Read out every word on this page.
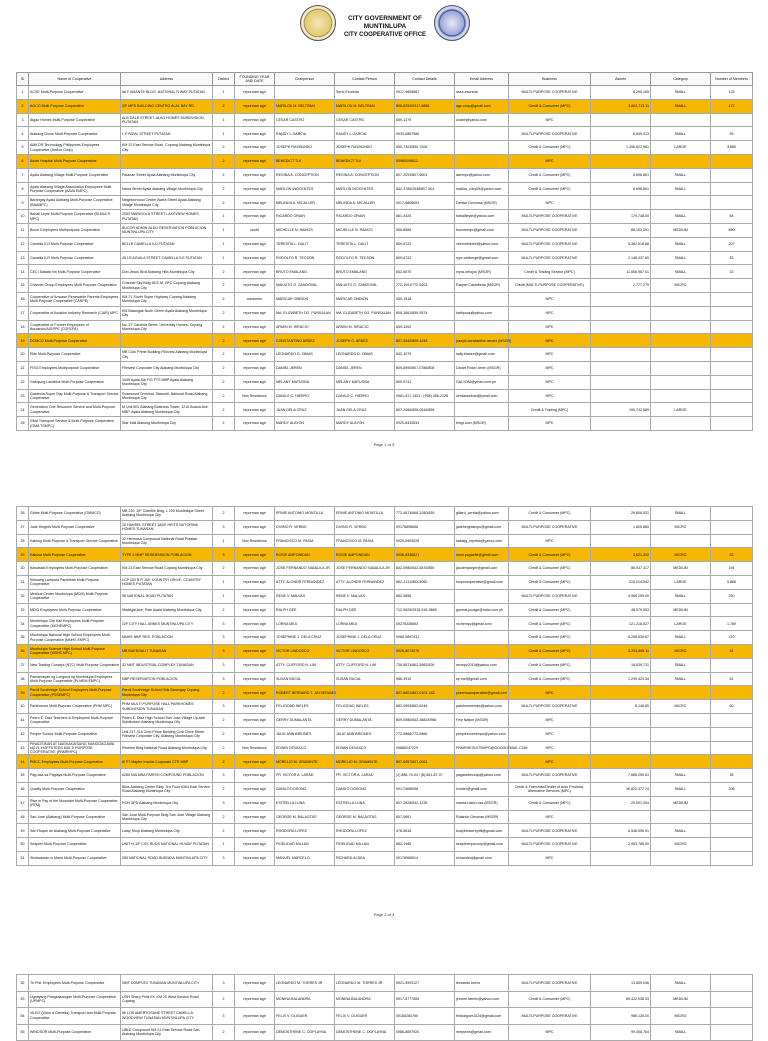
CITY GOVERNMENT OF MUNTINLUPA
CITY COOPERATIVE OFFICE
ID	Name of Cooperative	Address	District	FOUNDING YEAR AND DATE	Chairperson	Contact Person	Contact Details	Email Address	Business	Assets	Category	Number of Members
1	ACSE Multi-Purpose Cooperative	#8 F AMANTE BLDG. NATIONAL R WAY PUTATAN	1	reporman agri		Serio Esoreda	0917-9805887	asse.esoreda	MULTI-PURPOSE COOPERATIVE	8,295,165	SMALL	128
2	AGCO Multi-Purpose Cooperative	3/F MPD BUILDING CENTRO ALAL BAY RD.	2	reporman agri	MARILOU M. BELTRAN	MARILOU M. BELTRAN	808-8250/0917-5865	agc.coop@gmail.com	Credit & Consumer (MPC)	3,602,713.11	SMALL	172
3	Algao Homes Multi-Purpose Cooperative	ALB DALE STREET, ALAO HOMES SUBDIVISION, PUTATAN	1	reporman agri	CESAR CASTRO	CESAR CASTRO	659-1379	ocastr@yahoo.com	MPC			
4	Alabang Grove Multi-Purpose Cooperative	L.P RIZAL STREET PUTATAN	1	reporman agri	RANDY L.GARCIA	RANDY L.GARCIA	0933-6867980		MULTI-PURPOSE COOPERATIVE	6,849,313	SMALL	93
5	AMKOR Technology Philippines Employees Cooperative (Amkor Coop)	KM 22 East Service Road, Cupang Alabang Muntinlupa City	2	reporman agri	JOSEPH RAYMUNDO	JOSEPH RAYMUNDO	850-7303/850-7206		Credit & Consumer (MPC)	1,396,822,961	LARGE	3,680
6	Asian Hospital Multi-Purpose Cooperative		2	reporman agri	BENEDICT TUI	BENEDICT TUI	09985098812		MPC			
7	Ayala Alabang Village Multi-Purpose Cooperative	Palanan Street Ayala Alabang Muntinlupa City	2	reporman agri	REGINA A. CONCEPTION	REGINA A. CONCEPTION	807-2093/807-6601	aavmpc@yahoo.com	Credit & Consumer (MPC)	6,698,861	SMALL	
8	Ayala Alabang Village Association Employees Multi-Purpose Cooperative (AAVA EMPC)	Narra Street Ayala Alabang Village Muntinlupa City	2	reporman agri	MARLON INOCENTES	MARLON INOCENTES	842-3789/2548/807-501	mallow_ruby09@yahoo.com	Credit & Consumer (MPC)	6,698,861	SMALL	
9	Barangay Ayala Alabang Multi-Purpose Cooperative (BAAMPC)	Neighborhood Center Narra Street Ayala Alabang Village Muntinlupa City	2	reporman agri	MELINDA A. MICALLER	MELINDA A. MICALLER	0917-6806693	Denise Gevonas (MSGR)	MPC			
10	Bahali Leyte Multi-Purpose Cooperative (BLMULTI MPC)	2053 MARIGOLD STREET LAKEVIEW HOMES PUTATAN	1	reporman agri	RICARDO ORAIN	RICARDO ORAIN	861-4425	bahalileyte@yahoo.com	MULTI-PURPOSE COOPERATIVE	179,748.00	SMALL	64
11	Bucor Employees Multipurpose Cooperative	BUCOR ADMIN BLDG RESERVATION POBLACION MUNTINLUPA CITY	1	credit	MICHELLE N. RAMOS	MICHELLE N. RAMOS	556-8565	bucorempc@gmail.com	MULTI-PURPOSE COOPERATIVE	86,103,291	MEDIUM	850
12	Camella II-D Multi-Purpose Cooperative	BELLE CAMELLA II-D PUTATAN	1	reporman agri	TERESITA L. DALIT	TERESITA L. DALIT	809-8722	vberonbierke@yahoo.com	MULTI-PURPOSE COOPERATIVE	6,362,518.88	SMALL	207
13	Camella II-R Multi-Purpose Cooperative	45 LR AGUILA STREET CAMELLA II-E PUTATAN	1	reporman agri	RODOLFO R. TECSON	RODOLFO R. TECSON	809-8722	mpc.victberge@gmail.com	MULTI-PURPOSE COOPERATIVE	2,148,437.60	SMALL	83
14	CECI Sakata Inn Multi-Purpose Cooperative	Don Jesus Blvd Alabang Hills Muntinlupa City	2	reporman agri	BRUTO EMALANG	BRUTO EMALANG	842-6070	myra.orhojos (MSGR)	Credit & Trading Service (MPC)	11,656,987.01	SMALL	23
15	Channel Group Employees Multi-Purpose Cooperative	Channel Sky Bldg 55 E.M. DFC Cupang Alabang Muntinlupa City	2	reporman agri	MAKUITO G. SANDOVAL	MAKUITO G. SANDOVAL	772-1991/772-5003	Raquel Castañeda (MSGR)	Credit (MULTI-PURPOSE COOPERATIVE)	2,777,279	MICRO	
16	Cooperative of Amcase Renewable Parents Employees Multi-Purpose Cooperative (CARPE)	KM 21 South Super Highway Cupang Alabang Muntinlupa City	2	consumer	MARICAR OMBION	MARICAR OMBION	559-1818		MPC			
17	Cooperative of Aviation Industry Research (CAIR) MPC	KM Batangas North Green Ayala Alabang Muntinlupa City	2	reporman agri	MA. ELIZABETH DG. PUNSALAN	MA. ELIZABETH DG. PUNSALAN	809-1861/859-9574	kathpuos@yahoo.com	MPC			
18	Cooperative of Former Employees of Borcando/AIGPPE (COFEPA)	No. 27 Carolina Street, University Homes, Cupang Muntinlupa City	2	reporman agri	ARMIN M. HIRACIO	ARMIN M. HIRACIO	659-1262		MPC			
19	DOMCO Multi-Purpose Cooperative		2	reporman agri	CONSTANTINO ARDEZ	JOSEPH C. ARDEZ	807-4942/809-4245	joseph.constantine.arroez (MSGR)	MPC			
20	Elite Multi-Purpose Cooperative	MB Civic Prime Building Filinvest Alabang Muntinlupa City	2	reporman agri	LEONARDO D. OBIAS	LEONARDO D. OBIAS	842-1070	sally.bianeo@gmail.com	MPC			
21	FISG Employees Multipurpose Cooperative	Filinvest Corporate City Alabang Muntinlupa City	2	reporman agri	DANIEL JEREN	DANIEL JEREN	809-6990/807-0786/808	Daniel Rosel Jeren (MSGR)	MPC			
22	Galuyung Landbha Multi-Purpose Cooperative	1049 Ayala Alb FIG FTS MBP Ayala Alabang Muntinlupa City	2	reporman agri	MELANY MATUGBA	MELANY MATUGBA	809-9741	GALYDM@ymao.com.ph	MPC			
23	Gardenia Super Ray Multi-Purpose & Transport Service Cooperative	Rosewood Terminal, Starmall, National Road Alabang Muntinlupa City	2	Non Residence	DANILO C. HIERRO	DANILO C. HIERRO	0961-517-1451 / (998) 455-2128	verdansebuol@ymail.com	MPC			
24	Generation One Resource Service and Multi-Purpose Cooperative	M Unit 801 Alabang Business Tower, 1216 Acacia Ave. MBP, Ayala Alabang Muntinlupa City	2	reporman agri	JUAN DELA CRUZ	JUAN DELA CRUZ	807-2066/856-0516/856		Credit & Trading (MPC)	190,742,889	LARGE	
25	GMA Transport Service & Multi-Purpose Cooperative (GMA TSMPC)	Star Mall Alabang Muntinlupa City	2	reporman agri	MARDY ALAYON	MARDY ALAYON	0920-8433534	bingt.loon (MSGR)	MPC			
Page 1 of 3
26	Globe Multi-Purpose Cooperative (GMMCO)	MB 220, 2/F Ciderfile Bldg, L 200 Muntinlupa Street Alabang Muntinlupa City	2	reporman agri	ERNIE ANTONIO MONTILLA	ERNIE ANTONIO MONTILLA	772-4671/668-1280/839	gillard_cerela@yahoo.com	Credit & Consumer (MPC)	29,806,531	SMALL	
27	Jude Heights Multi-Purpose Cooperative	20 HANSEL STREET JADE HEITS NUTORINA HOMES TUNASAN	3	reporman agri	DIVINO R. VERBO	DIVINO R. VERBO	09178898656	jadeheightsmpc@gmail.com	MULTI-PURPOSE COOPERATIVE	1,805,860	MICRO	
28	Kabisig Multi-Purpose & Transport Service Cooperative	32 Hermosa Compound National Road Putatan Muntinlupa City	1	Non Residence	FRANCISCO M. PASIA	FRANCISCO M. PASIA	0920-5403028	kabisig_mpetsk@yahoo.com	MPC			
29	Kakusa Multi-Purpose Cooperative	TYPE 2 MMP RESIDENSION POBLACION	3	reporman agri	ROSIE AMPONIDAN	ROSIE AMPONIDAN	0936-8336621	muni.pagasfle@gmail.com	Credit & Consumer (MPC)	3,621,302	MICRO	33
30	Kawasaki Employees Multi-Purpose Cooperative	KM 23 East Service Road Cupang Muntinlupa City	2	reporman agri	JOSE FERNANDO SABALILA JR.	JOSE FERNANDO SABALILA JR.	842-0980/842-5876/850	jacoemployer@gmail.com	Credit & Consumer (MPC)	86,937,317	MEDIUM	194
31	Kilusang Lampara Pamilihan Multi-Purpose Cooperative	LCP 330 B R JUE COUNTRY DRIVE, COUNTRY HOMES PUTATAN	1	reporman agri	ATTY. ALONDR FERNANDEZ	ATTY. ALONDR FERNANDEZ	862-2131/862-5060	kmpccooperative@gmail.com	Credit & Consumer (MPC)	319,014,542	LARGE	5,866
32	Medical Center Muntinlupa (MCM) Multi-Purpose Cooperative	58 NATIONAL ROAD PUTATAN	1	reporman agri	RENE V. MALVAS	RENE V. MALVAS	862-5856		MULTI-PURPOSE COOPERATIVE	4,968,299.00	SMALL	250
33	MDCI Employees Multi-Purpose Cooperative	Madrigal Ave, Park Ayala Alabang Muntinlupa City	2	reporman agri	RALPH DEE	RALPH DEE	712-5529/2515-916-9666	gusmis.juudge@mdci.com.ph	Credit & Consumer (MPC)	48,079,953	MEDIUM	
34	Muntinlupa City Hall Employees Multi-Purpose Cooperative (MCHEMPC)	G/F CITY HALL ANNEX MUNTINLUPA CITY	3	reporman agri	LORNA MEA	LORNA MEA	09278336653	mchempc@gmail.com	Credit & Consumer (MPC)	121,218,627	LARGE	1,789
35	Muntinlupa National High School Employees Multi-Purpose Cooperative (MNHS EMPC)	MNHS NBP. RES. POBLACION	3	reporman agri	JOSEPHINE J. DELA CRUZ	JOSEPHINE J. DELA CRUZ	0988-9897931		Credit & Consumer (MPC)	6,258,839.87	SMALL	370
36	Muntinlupa Science High School Multi-Purpose Cooperative (MSHS MPC)	MB BUENSALIT TUNASAN	3	reporman agri	VICTOR LINDOSCO	VICTOR LINDOSCO	0926-8074070		Credit & Consumer (MPC)	2,293,865.11	MICRO	31
37	New Trading Concept (NTC) Multi-Purpose Cooperative	32 NMT INDUSTRIAL COMPLEX TUNASAN	3	reporman agri	ATTY. CLIFFORD N. LIM	ATTY. CLIFFORD N. LIM	738-9871/862-5982/526	ntcmpc2019@yahoo.com	Credit & Consumer (MPC)	18,639,731	SMALL	
38	Pamamayan ng Lungsod ng Muntinlupa Employees Multi-Purpose Cooperative (PLMEM EMPC)	NBP RESERVATION POBLACION	3	reporman agri	SUSAN BUCAL	SUSAN BUCAL	986-3910	sp.mcf@gmail.com	Credit & Consumer (MPC)	1,299,423.34	SMALL	52
39	Paroll Southridge School Employees Multi-Purpose Cooperative (PSSEMPC)	Paroll Southridge School Hills Barangay Cupang Muntinlupa City	2	reporman agri	ROBERT BERNARD T. JAYSERAMO		807-8601/861-0101-182	pssemucooperative@gmail.com	MPC			
40	Parkhomes Multi-Purpose Cooperative (PHM MPC)	PHM MULTI PURPOSE HALL PARKHOMES SUBDIVISION TUNASAN	3	reporman agri	FELICIDAD INELES	FELICIDAD INELES	862-0893/862-6246	parkhomesmpc@yahoo.com	MULTI-PURPOSE COOPERATIVE	8,148.80	MICRO	60
41	Pedro E. Diaz Teachers & Employees Multi-Purpose Cooperative	Pedro E. Diaz High School San Jose Village Up-tale Subdivision Alabang Muntinlupa City	2	reporman agri	GERRY DUMALANTA	GERRY DUMALANTA	809-0980/842-3882/0966	Fely Natjon (MSGR)	MPC			
42	People Source Multi-Purpose Cooperative	Unit 317-318 Civic Prime Building Civic Drive Street Filinvest Corporate City, Alabang Muntinlupa City	2	reporman agri	JULIE ANN BRIONES	JULIE ANN BRIONES	772-5866/772-5866	peoplesourcempc@yahoo.com	MPC			
43	PINAGSIKAN AT NAGKAKAISANG MANGGAGAWA NG R. HOFFSTEDS MULTI PURPOSE COOPERATIVE (PNMRHPC)	Riverise Bldg National Road Alabang Muntinlupa City	2	Non Residence	EDWIN DEVASCO	EDWIN DEVASCO	09886247229	PNMRHEGUITSMPC@GOOGLEMAIL.COM	MPC			
44	PMCC Employees Multi-Purpose Cooperative	8/ F7 Mapfre Insular Corporate CTR MBP	2	reporman agri	MORELIO M. GRAMINTE	MORELIO M. GRAMINTE	807-0057/807-0061		MPC			
45	Pag-asa sa Pagtaya Multi-Purpose Cooperative	#285 NIA AWA PARISH COMPOUND POBLACION	3	reporman agri	FR. VICTOR A. LARAD	FR. VICTOR A. LARAD	(2) 886-75-94 / (8)-861-87-07	pagasafreccap@yahoo.com	MULTI-PURPOSE COOPERATIVE	7,668,259.61	SMALL	35
46	Quality Multi-Purpose Cooperative	Bliss Alabang Center Bldg. 3rd Floor #384 East Service Road Alabang Muntinlupa City	2	reporman agri	DANILO DOSONG	DANILO DOSONG	09171658998	hxrider@gmail.com	Credit & Franchise/Dealer of Auto Products, Alternative Services (MPC)	36,822,377.74	SMALL	208
47	Rise in Pay of the Mountain Multi-Purpose Cooperative (RTM)	RON SPD Alabang Muntinlupa City	3	reporman agri	ESTRELLA LUNA	ESTRELLA LUNA	807-2828/832-1235	marisel.delo.rosa (MSGR)	Credit & Consumer (MPC)	29,991,304	MEDIUM	
48	San Jose (Alabang) Multi-Purpose Cooperative	San Jose Multi-Purpose Bldg San Jose Village Alabang Muntinlupa City	2	reporman agri	GEORGE M. BALAGTAS	GEORGE M. BALAGTAS	807-0661	Rolando Geronas (MSGR)	MPC			
49	San Roque de Alabang Multi-Purpose Cooperative	Lalay Shop Alabang Muntinlupa City	2	reporman agri	RHODORA LOPEZ	RHODORA LOPEZ	478-5818	bodybmicereptfs@gmail.com	MULTI-PURPOSE COOPERATIVE	6,548,996.91	SMALL	
50	Seaplex Multi-Purpose Cooperative	UNIT H-1/F CSX RUDS NATIONAL HI-WAY PUTATAN	1	reporman agri	FIDELIDAD MILLAN	FIDELIDAD MILLAN	862-1980	seaplexmpccoop@gmail.com	MULTI-PURPOSE COOPERATIVE	2,953,785.00	MICRO	
51	Simbuaman ni Maria Multi-Purpose Cooperative	285 NATIONAL ROAD BUENDIA MUNTINLUPA CITY	3	reporman agri	MANUEL MARCELO	RICHARD ALDEA	09178968514	richandea@gmail.com	MPC			
Page 2 of 3
52	Tri Phil. Employees Multi-Purpose Cooperative	NMT COMPLEX TUNASAN MUNTINLUPA CITY	3	reporman agri	LEONARDO M. TORRES JR.	LEONARDO M. TORRES JR.	0921-5993127	leonardo.torres	MULTI-PURPOSE COOPERATIVE	13,659,046	SMALL	
53	Ugnayang Pangkalusugan Multi-Purpose Cooperative (UPMPC)	UGH Sharp Phils Ex. KM 20 West Service Road Cupang	2	reporman agri	MONINA BALANDRA	MONINA BALANDRA	0917-8777665	jerome.farmin@yahoo.com	Credit & Consumer (MPC)	89,422,038.33	MEDIUM	
54	ViLEO (Vicloi a Camella) Transport and Multi-Purpose Cooperative	86 LOS AMERTOSANE STREET CAMELLA WOODVIEW TUNASAN MUNTINLUPA CITY	3	reporman agri	FELIX V. OLIGUER	FELIX V. OLIGUER	09165284760	felixoliguer1024@gmail.com	MULTI-PURPOSE COOPERATIVE	986,126.00	MICRO	
55	WINDSOR Multi-Purpose Cooperative	UBLE Compound KM 21 East Service Road San Alabang Muntinlupa City	2	reporman agri	DEMOSTHENE C. DOPLAYNA	DEMOSTHENE C. DOPLAYNA	0986-8697920	rheyserin@gmail.com	MPC	99,408,764	SMALL	
